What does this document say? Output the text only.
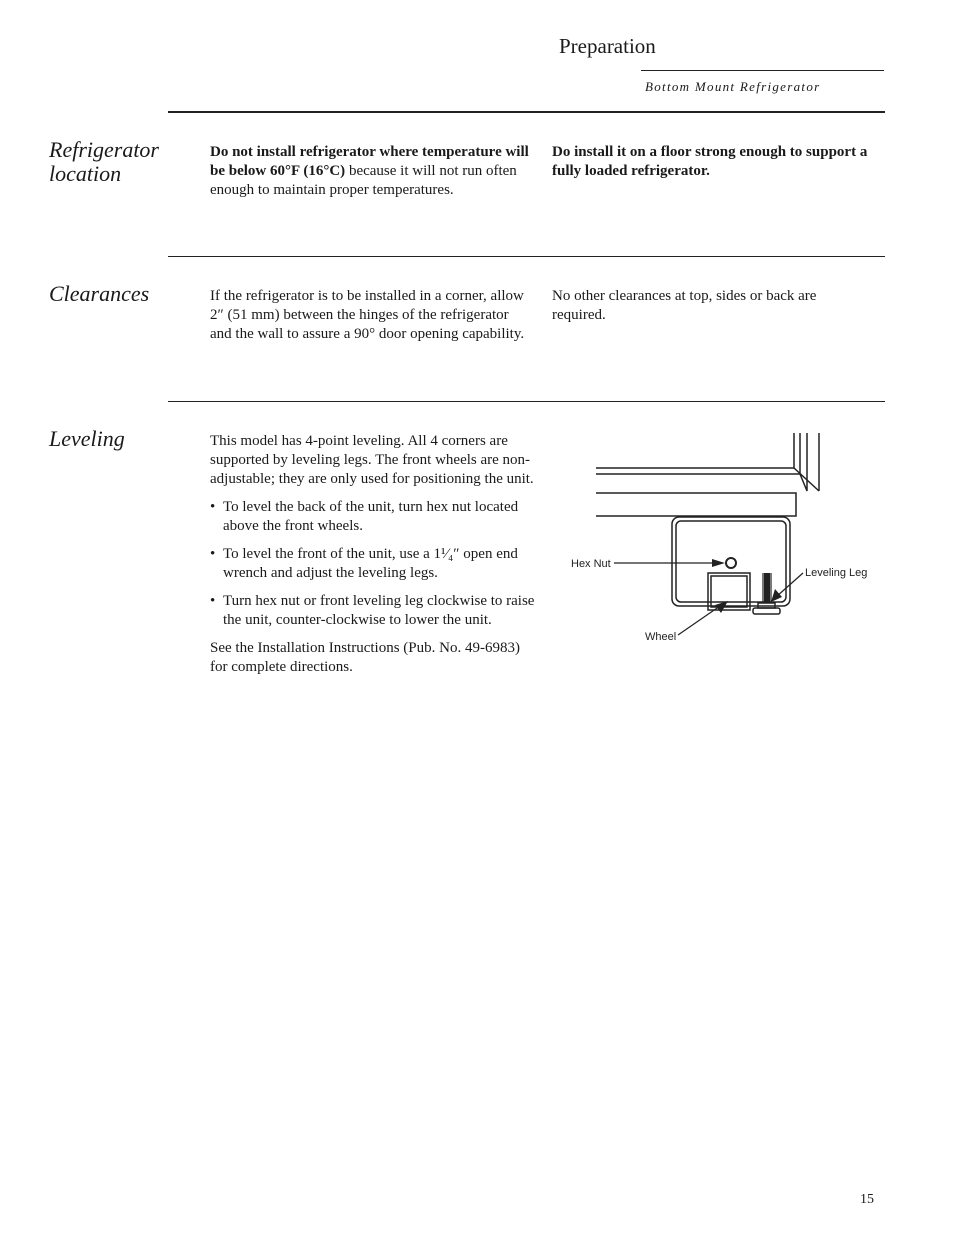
Preparation
Bottom Mount Refrigerator
Refrigerator location

Do not install refrigerator where temperature will be below 60°F (16°C) because it will not run often enough to maintain proper temperatures.

Do install it on a floor strong enough to support a fully loaded refrigerator.

Clearances	If the refrigerator is to be installed in a corner, allow 2″ (51 mm) between the hinges of the refrigerator and the wall to assure a 90° door opening capability.

No other clearances at top, sides or back are required.

Leveling	This model has 4-point leveling. All 4 corners are supported by leveling legs. The front wheels are non-adjustable; they are only used for positioning the unit.

• To level the back of the unit, turn hex nut located above the front wheels.
• To level the front of the unit, use a 1¹⁄₄″ open end wrench and adjust the leveling legs.
• Turn hex nut or front leveling leg clockwise to raise the unit, counter-clockwise to lower the unit.

See the Installation Instructions (Pub. No. 49-6983) for complete directions.

Hex Nut
Leveling Leg
Wheel
15
